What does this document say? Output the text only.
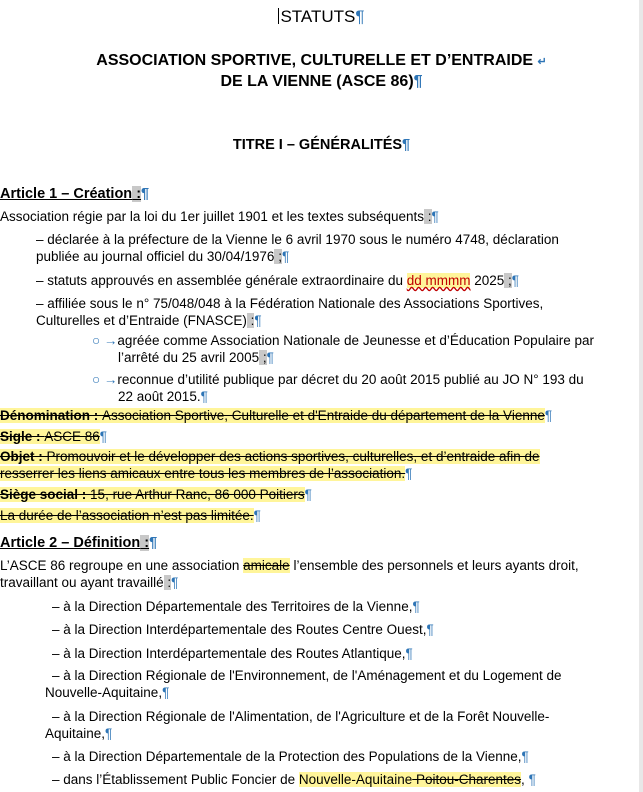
STATUTS¶
ASSOCIATION SPORTIVE, CULTURELLE ET D’ENTRAIDE ↵
DE LA VIENNE (ASCE 86)¶
TITRE I – GÉNÉRALITÉS¶
Article 1 – Création :¶
Association régie par la loi du 1er juillet 1901 et les textes subséquents :¶
– déclarée à la préfecture de la Vienne le 6 avril 1970 sous le numéro 4748, déclaration
publiée au journal officiel du 30/04/1976 ;¶
– statuts approuvés en assemblée générale extraordinaire du dd mmmm 2025 ;¶
– affiliée sous le n° 75/048/048 à la Fédération Nationale des Associations Sportives,
Culturelles et d’Entraide (FNASCE) :¶
○ →agréée comme Association Nationale de Jeunesse et d’Éducation Populaire par
l’arrêté du 25 avril 2005 ;¶
○ →reconnue d’utilité publique par décret du 20 août 2015 publié au JO N° 193 du
22 août 2015.¶
Dénomination : Association Sportive, Culturelle et d'Entraide du département de la Vienne¶
Sigle : ASCE 86¶
Objet : Promouvoir et le développer des actions sportives, culturelles, et d’entraide afin de
resserrer les liens amicaux entre tous les membres de l’association.¶
Siège social : 15, rue Arthur Ranc, 86 000 Poitiers¶
La durée de l’association n’est pas limitée.¶
Article 2 – Définition :¶
L’ASCE 86 regroupe en une association amicale l’ensemble des personnels et leurs ayants droit,
travaillant ou ayant travaillé :¶
– à la Direction Départementale des Territoires de la Vienne,¶
– à la Direction Interdépartementale des Routes Centre Ouest,¶
– à la Direction Interdépartementale des Routes Atlantique,¶
– à la Direction Régionale de l'Environnement, de l'Aménagement et du Logement de
Nouvelle-Aquitaine,¶
– à la Direction Régionale de l'Alimentation, de l'Agriculture et de la Forêt Nouvelle-
Aquitaine,¶
– à la Direction Départementale de la Protection des Populations de la Vienne,¶
– dans l’Établissement Public Foncier de Nouvelle-Aquitaine Poitou-Charentes, ¶
